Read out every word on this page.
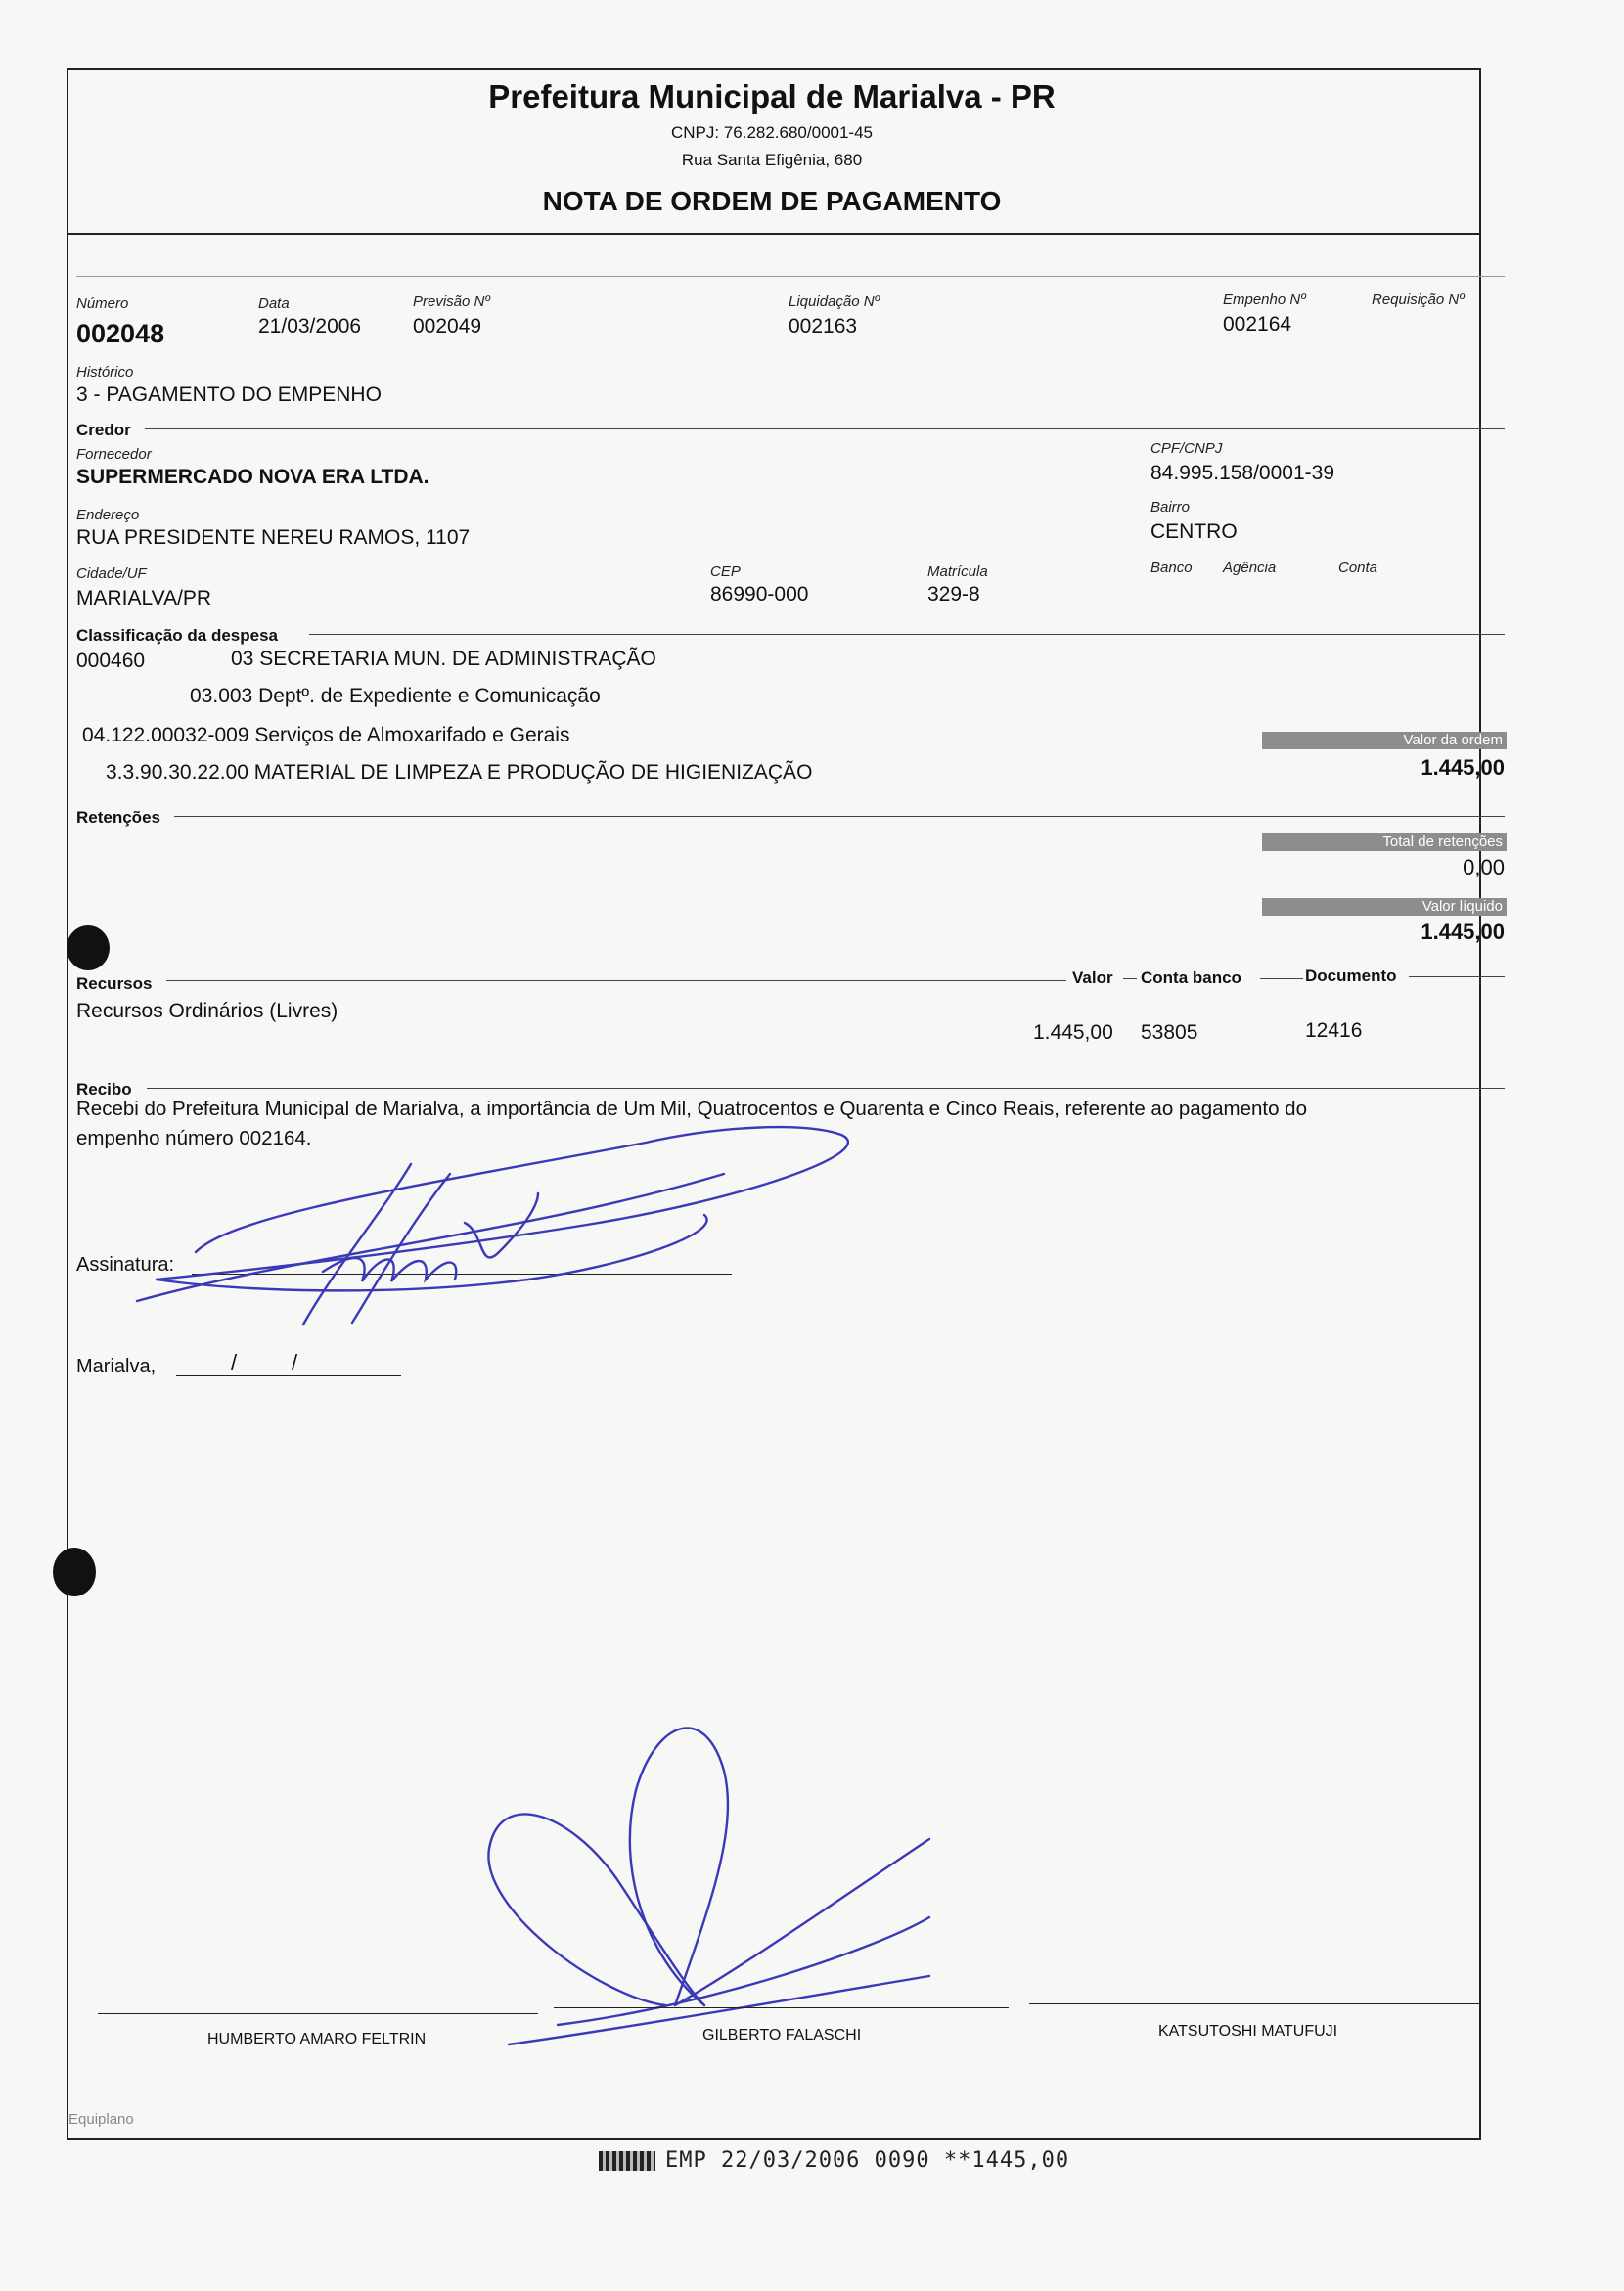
Prefeitura Municipal de Marialva - PR
CNPJ: 76.282.680/0001-45
Rua Santa Efigênia, 680
NOTA DE ORDEM DE PAGAMENTO
Número
002048
Data
21/03/2006
Previsão Nº
002049
Liquidação Nº
002163
Empenho Nº
002164
Requisição Nº
Histórico
3 - PAGAMENTO DO EMPENHO
Credor
Fornecedor
SUPERMERCADO NOVA ERA LTDA.
CPF/CNPJ
84.995.158/0001-39
Endereço
RUA PRESIDENTE NEREU RAMOS, 1107
Bairro
CENTRO
Cidade/UF
MARIALVA/PR
CEP
86990-000
Matrícula
329-8
Banco Agência	Conta
Classificação da despesa
000460	03 SECRETARIA MUN. DE ADMINISTRAÇÃO
03.003 Deptº. de Expediente e Comunicação
04.122.00032-009 Serviços de Almoxarifado e Gerais
3.3.90.30.22.00 MATERIAL DE LIMPEZA E PRODUÇÃO DE HIGIENIZAÇÃO
Valor da ordem
1.445,00
Retenções
Total de retenções
0,00
Valor líquido
1.445,00
Recursos	Valor Conta banco	Documento
Recursos Ordinários (Livres)
1.445,00 53805	12416
Recibo
Recebi do Prefeitura Municipal de Marialva, a importância de Um Mil, Quatrocentos e Quarenta e Cinco Reais, referente ao pagamento do
empenho número 002164.
Assinatura:
Marialva,	/	/
HUMBERTO AMARO FELTRIN	GILBERTO FALASCHI	KATSUTOSHI MATUFUJI
Equiplano
EMP 22/03/2006 0090 **1445,00
